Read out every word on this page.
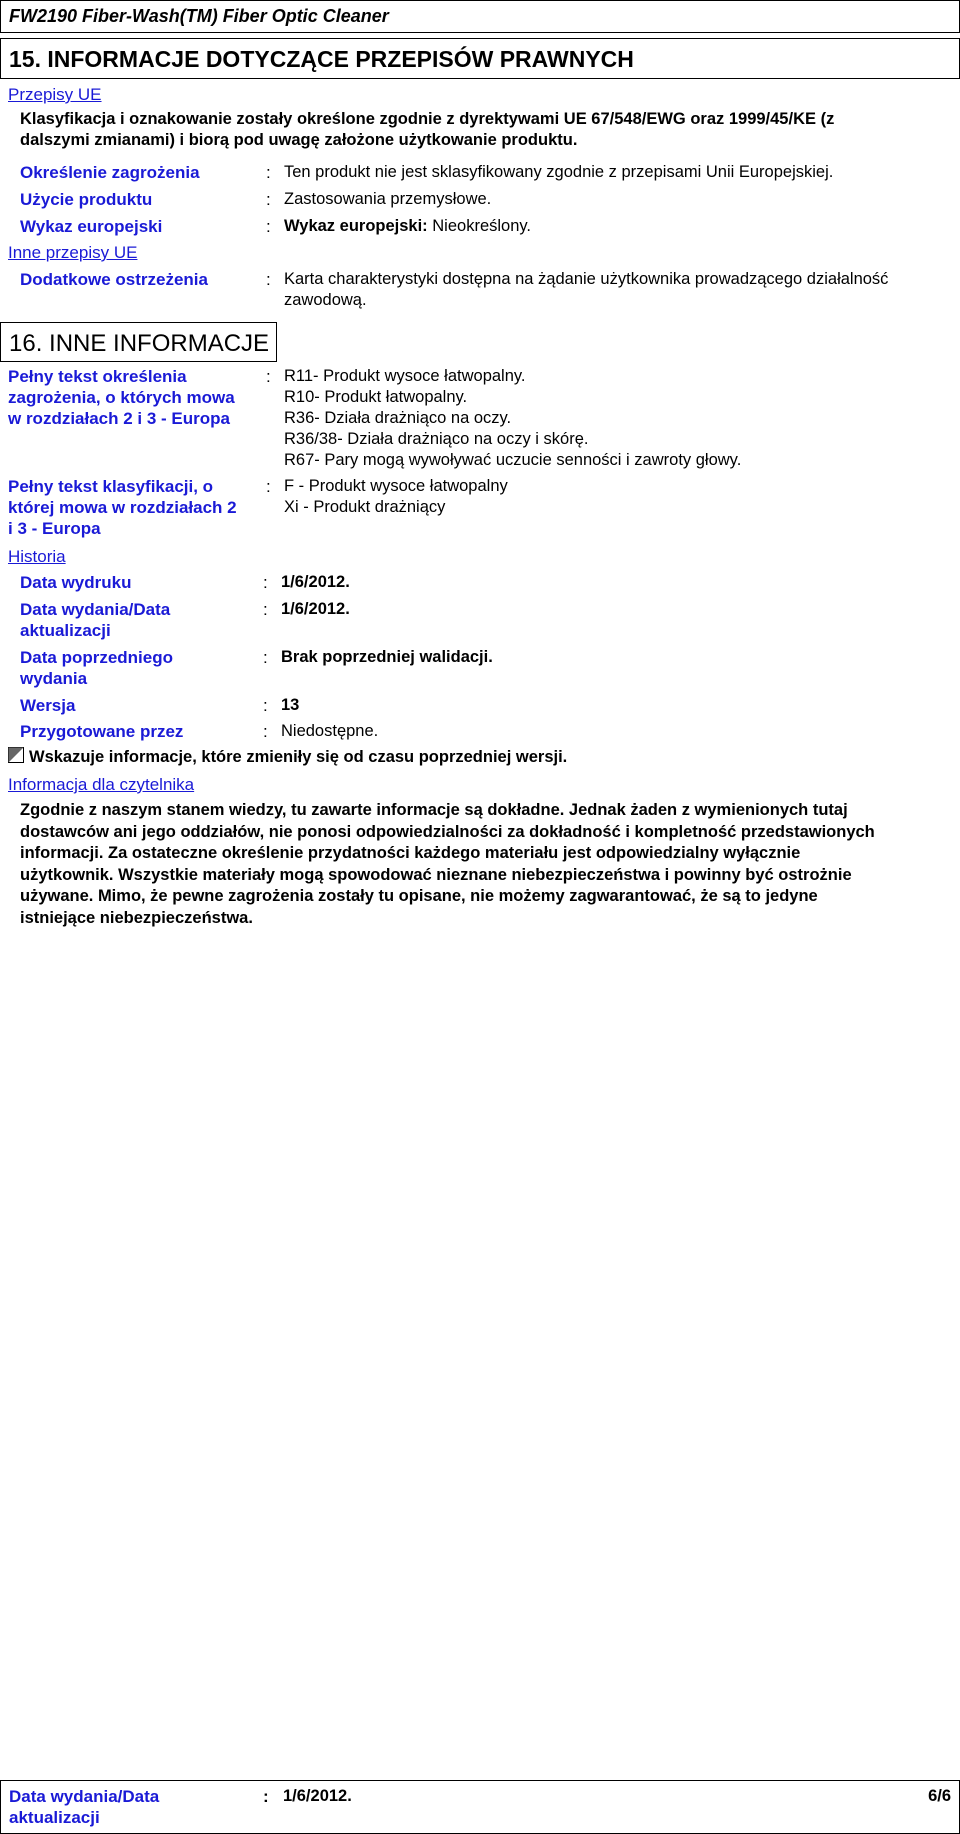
FW2190 Fiber-Wash(TM) Fiber Optic Cleaner
15. INFORMACJE DOTYCZĄCE PRZEPISÓW PRAWNYCH
Przepisy UE
Klasyfikacja i oznakowanie zostały określone zgodnie z dyrektywami UE 67/548/EWG oraz 1999/45/KE (z
dalszymi zmianami) i biorą pod uwagę założone użytkowanie produktu.
Określenie zagrożenia	: Ten produkt nie jest sklasyfikowany zgodnie z przepisami Unii Europejskiej.
Użycie produktu	: Zastosowania przemysłowe.
Wykaz europejski	: Wykaz europejski: Nieokreślony.
Inne przepisy UE
Dodatkowe ostrzeżenia	: Karta charakterystyki dostępna na żądanie użytkownika prowadzącego działalność
zawodową.
16. INNE INFORMACJE
Pełny tekst określenia
zagrożenia, o których mowa
w rozdziałach 2 i 3 - Europa
: R11- Produkt wysoce łatwopalny.
R10- Produkt łatwopalny.
R36- Działa drażniąco na oczy.
R36/38- Działa drażniąco na oczy i skórę.
R67- Pary mogą wywoływać uczucie senności i zawroty głowy.
Pełny tekst klasyfikacji, o
której mowa w rozdziałach 2
i 3 - Europa
: F - Produkt wysoce łatwopalny
Xi - Produkt drażniący
Historia
Data wydruku	: 1/6/2012.
Data wydania/Data
aktualizacji
: 1/6/2012.
Data poprzedniego
wydania
: Brak poprzedniej walidacji.
Wersja	: 13
Przygotowane przez	: Niedostępne.
Wskazuje informacje, które zmieniły się od czasu poprzedniej wersji.
Informacja dla czytelnika
Zgodnie z naszym stanem wiedzy, tu zawarte informacje są dokładne. Jednak żaden z wymienionych tutaj
dostawców ani jego oddziałów, nie ponosi odpowiedzialności za dokładność i kompletność przedstawionych
informacji. Za ostateczne określenie przydatności każdego materiału jest odpowiedzialny wyłącznie
użytkownik. Wszystkie materiały mogą spowodować nieznane niebezpieczeństwa i powinny być ostrożnie
używane. Mimo, że pewne zagrożenia zostały tu opisane, nie możemy zagwarantować, że są to jedyne
istniejące niebezpieczeństwa.
Data wydania/Data
aktualizacji
: 1/6/2012.	6/6
